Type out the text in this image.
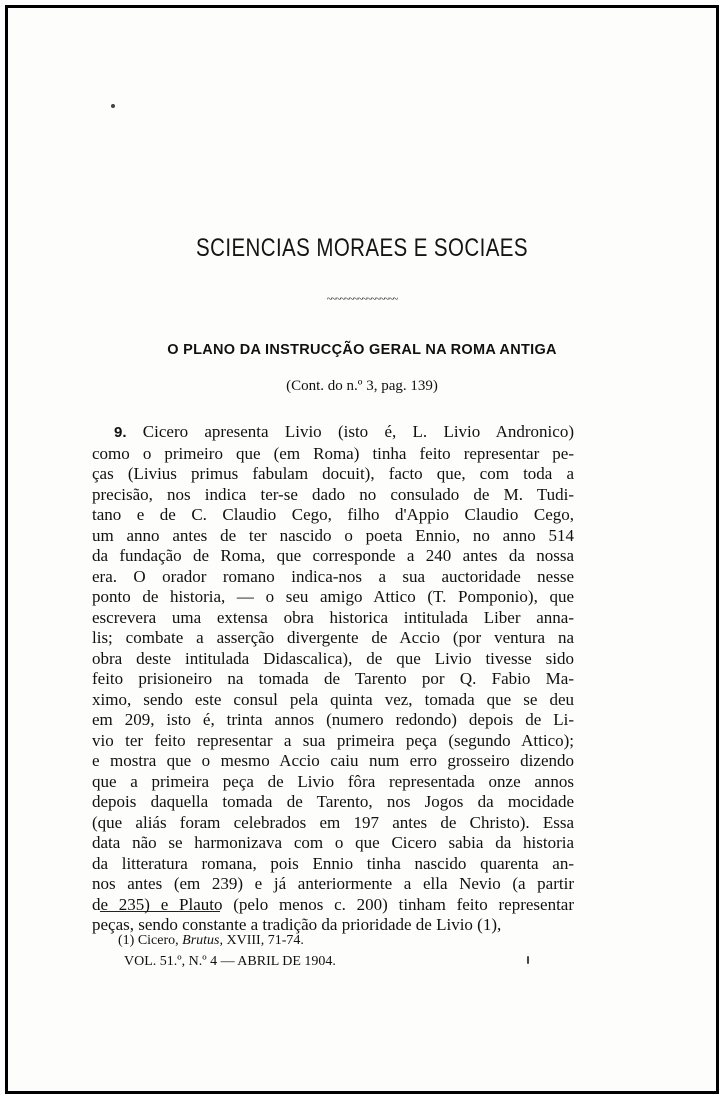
SCIENCIAS MORAES E SOCIAES
~~~~~~~~~~~~~~~~
O PLANO DA INSTRUCÇÃO GERAL NA ROMA ANTIGA
(Cont. do n.º 3, pag. 139)
9. Cicero apresenta Livio (isto é, L. Livio Andronico)
como o primeiro que (em Roma) tinha feito representar pe-
ças (Livius primus fabulam docuit), facto que, com toda a
precisão, nos indica ter-se dado no consulado de M. Tudi-
tano e de C. Claudio Cego, filho d'Appio Claudio Cego,
um anno antes de ter nascido o poeta Ennio, no anno 514
da fundação de Roma, que corresponde a 240 antes da nossa
era. O orador romano indica-nos a sua auctoridade nesse
ponto de historia, — o seu amigo Attico (T. Pomponio), que
escrevera uma extensa obra historica intitulada Liber anna-
lis; combate a asserção divergente de Accio (por ventura na
obra deste intitulada Didascalica), de que Livio tivesse sido
feito prisioneiro na tomada de Tarento por Q. Fabio Ma-
ximo, sendo este consul pela quinta vez, tomada que se deu
em 209, isto é, trinta annos (numero redondo) depois de Li-
vio ter feito representar a sua primeira peça (segundo Attico);
e mostra que o mesmo Accio caiu num erro grosseiro dizendo
que a primeira peça de Livio fôra representada onze annos
depois daquella tomada de Tarento, nos Jogos da mocidade
(que aliás foram celebrados em 197 antes de Christo). Essa
data não se harmonizava com o que Cicero sabia da historia
da litteratura romana, pois Ennio tinha nascido quarenta an-
nos antes (em 239) e já anteriormente a ella Nevio (a partir
de 235) e Plauto (pelo menos c. 200) tinham feito representar
peças, sendo constante a tradição da prioridade de Livio (1),
(1) Cicero, Brutus, XVIII, 71-74.
VOL. 51.º, N.º 4 — ABRIL DE 1904.
